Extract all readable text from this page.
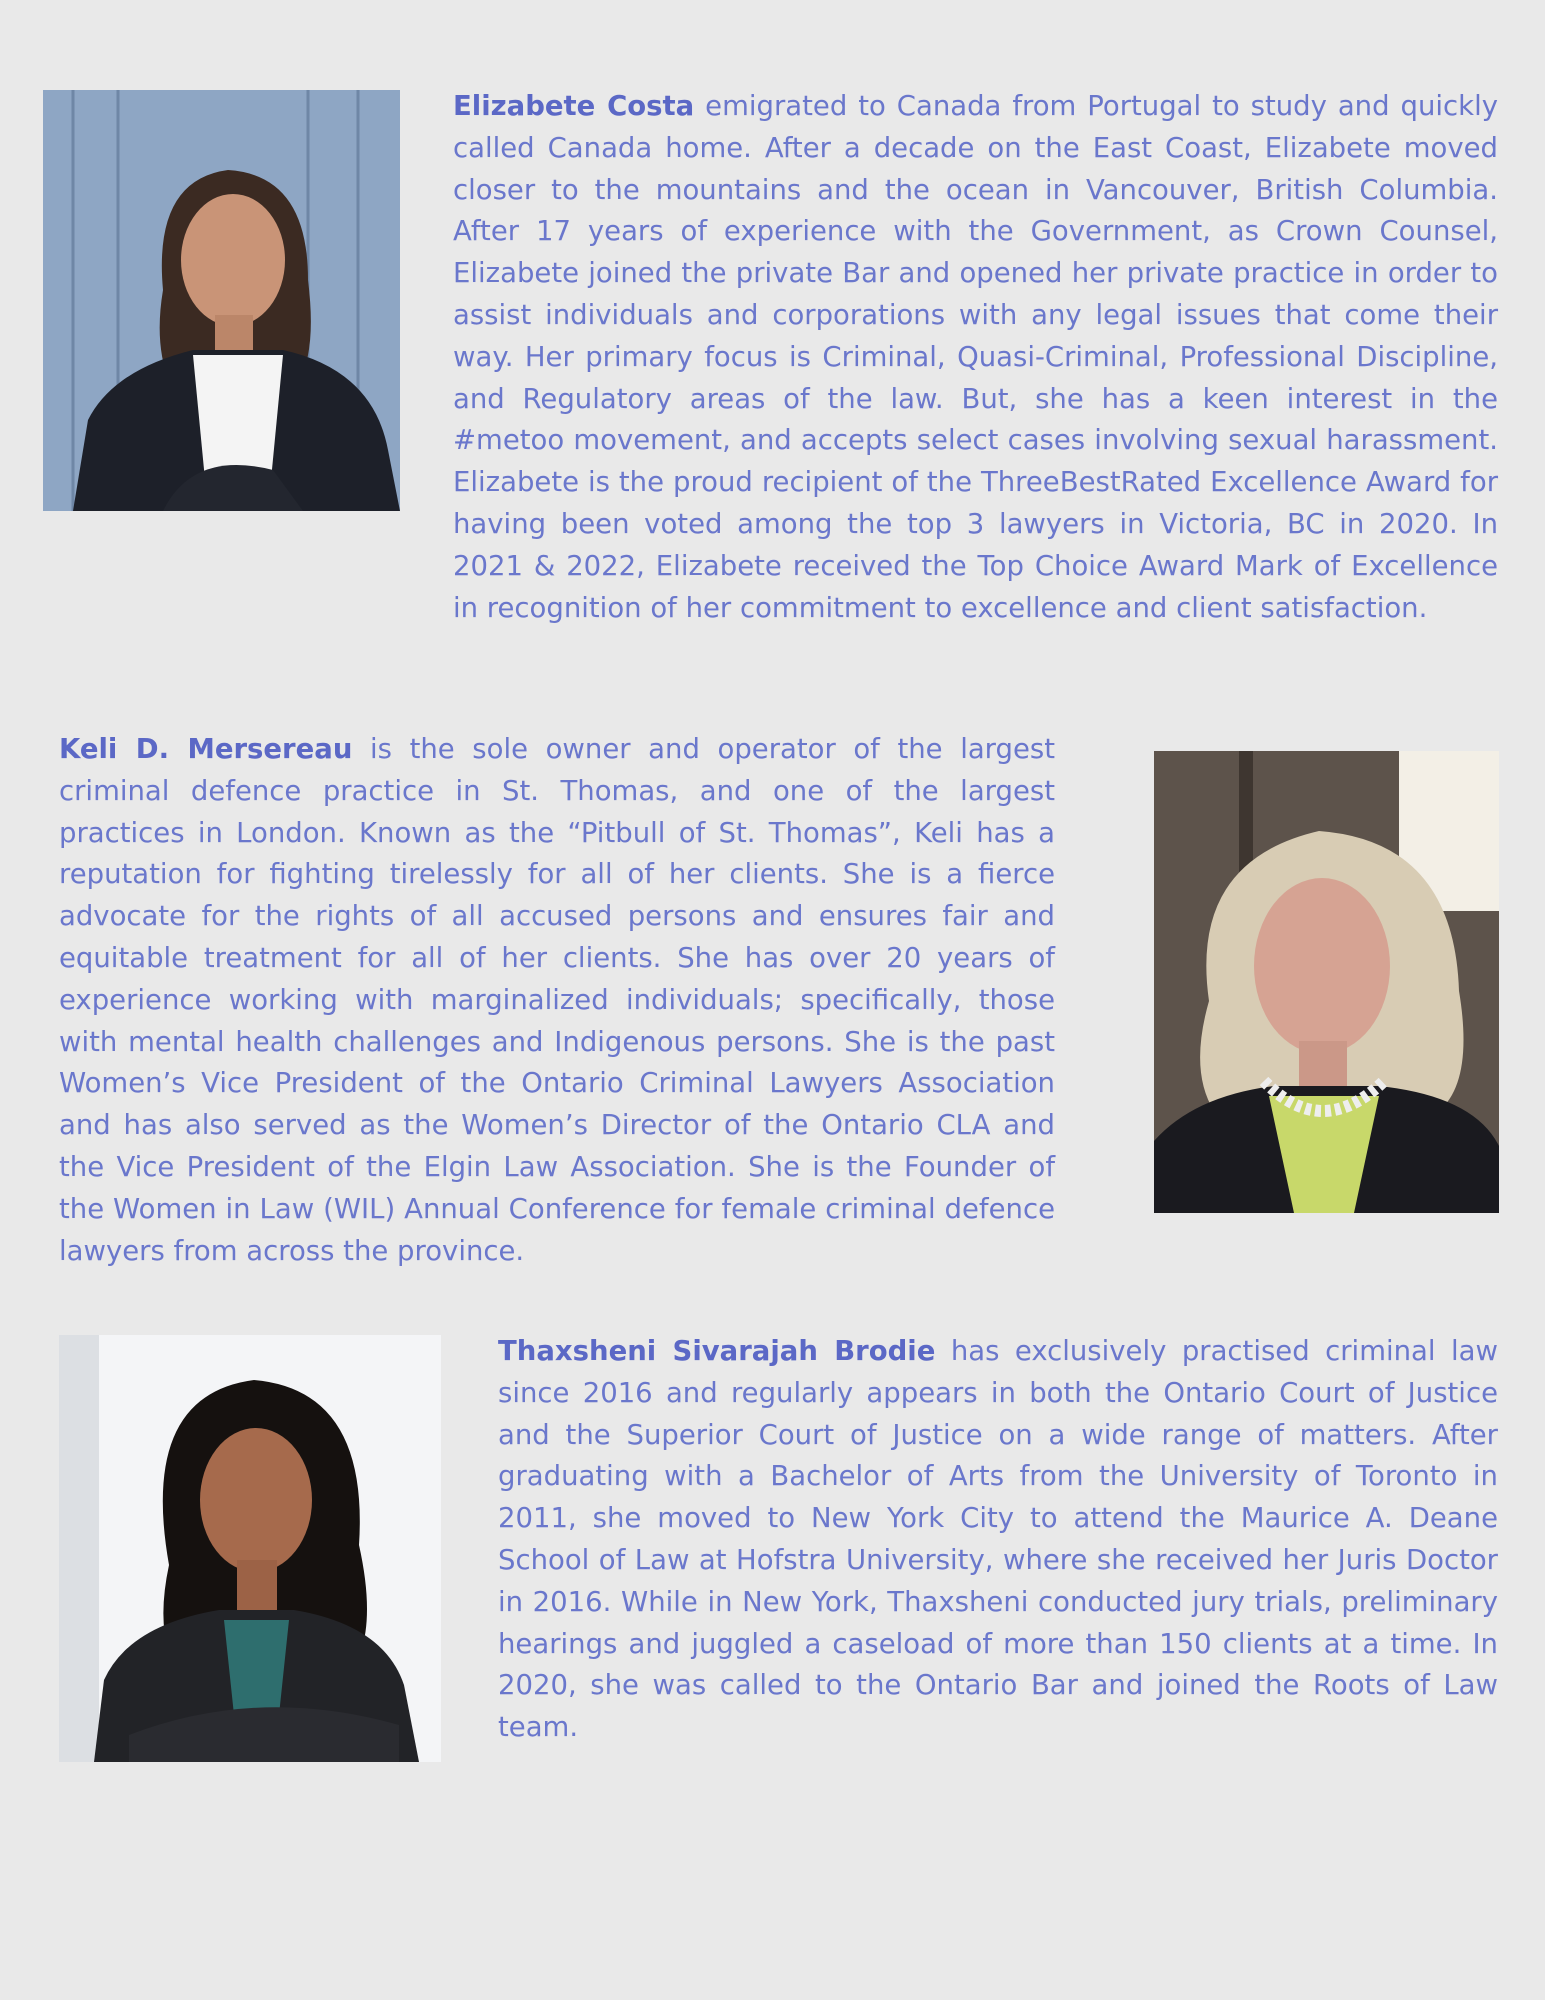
Elizabete Costa emigrated to Canada from Portugal to study and quickly called Canada home. After a decade on the East Coast, Elizabete moved closer to the mountains and the ocean in Vancouver, British Columbia. After 17 years of experience with the Government, as Crown Counsel, Elizabete joined the private Bar and opened her private practice in order to assist individuals and corporations with any legal issues that come their way. Her primary focus is Criminal, Quasi-Criminal, Professional Discipline, and Regulatory areas of the law. But, she has a keen interest in the #metoo movement, and accepts select cases involving sexual harassment. Elizabete is the proud recipient of the ThreeBestRated Excellence Award for having been voted among the top 3 lawyers in Victoria, BC in 2020. In 2021 & 2022, Elizabete received the Top Choice Award Mark of Excellence in recognition of her commitment to excellence and client satisfaction.

Keli D. Mersereau is the sole owner and operator of the largest criminal defence practice in St. Thomas, and one of the largest practices in London. Known as the “Pitbull of St. Thomas”, Keli has a reputation for fighting tirelessly for all of her clients. She is a fierce advocate for the rights of all accused persons and ensures fair and equitable treatment for all of her clients. She has over 20 years of experience working with marginalized individuals; specifically, those with mental health challenges and Indigenous persons. She is the past Women’s Vice President of the Ontario Criminal Lawyers Association and has also served as the Women’s Director of the Ontario CLA and the Vice President of the Elgin Law Association. She is the Founder of the Women in Law (WIL) Annual Conference for female criminal defence lawyers from across the province.

Thaxsheni Sivarajah Brodie has exclusively practised criminal law since 2016 and regularly appears in both the Ontario Court of Justice and the Superior Court of Justice on a wide range of matters. After graduating with a Bachelor of Arts from the University of Toronto in 2011, she moved to New York City to attend the Maurice A. Deane School of Law at Hofstra University, where she received her Juris Doctor in 2016. While in New York, Thaxsheni conducted jury trials, preliminary hearings and juggled a caseload of more than 150 clients at a time. In 2020, she was called to the Ontario Bar and joined the Roots of Law team.
